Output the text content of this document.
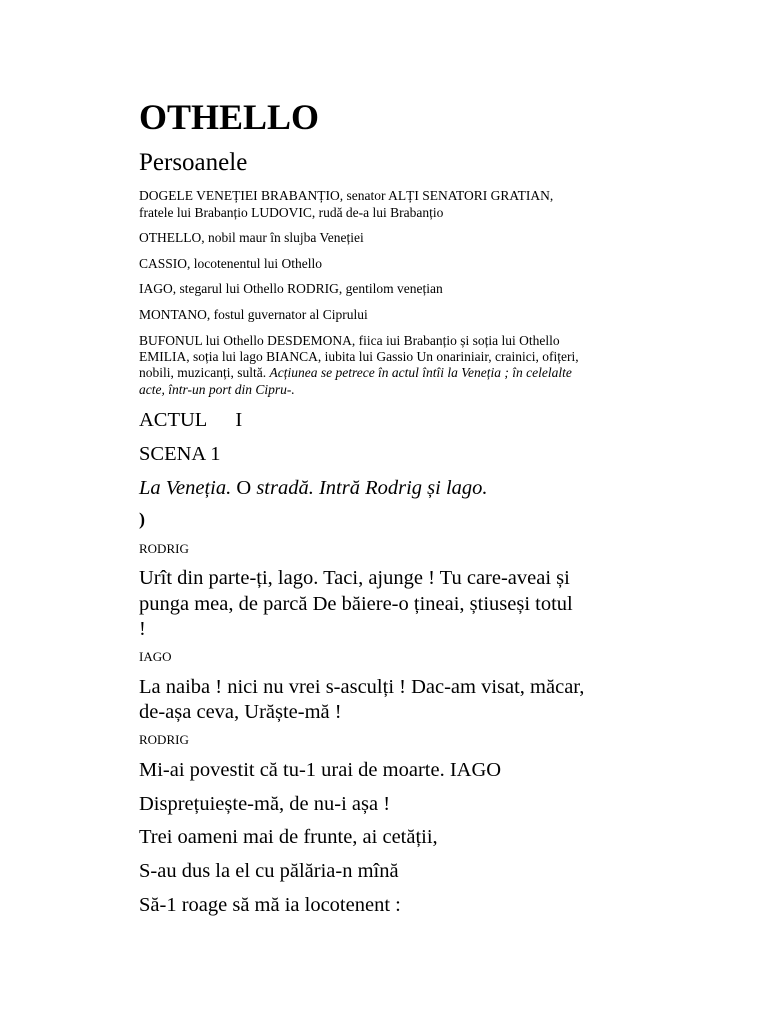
OTHELLO
Persoanele
DOGELE VENEȚIEI BRABANȚIO, senator ALȚI SENATORI GRATIAN,
fratele lui Brabanțio LUDOVIC, rudă de-a lui Brabanțio
OTHELLO, nobil maur în slujba Veneției
CASSIO, locotenentul lui Othello
IAGO, stegarul lui Othello RODRIG, gentilom venețian
MONTANO, fostul guvernator al Ciprului
BUFONUL lui Othello DESDEMONA, fiica iui Brabanțio și soția lui Othello
EMILIA, soția lui lago BIANCA, iubita lui Gassio Un onariniair, crainici, ofițeri,
nobili, muzicanți, sultă. Acțiunea se petrece în actul întîi la Veneția ; în celelalte
acte, într-un port din Cipru-.
ACTUL I
SCENA 1
La Veneția. O stradă. Intră Rodrig și lago.
)
RODRIG
Urît din parte-ți, lago. Taci, ajunge ! Tu care-aveai și
punga mea, de parcă De băiere-o țineai, știuseși totul
!
IAGO
La naiba ! nici nu vrei s-asculți ! Dac-am visat, măcar,
de-așa ceva, Urăște-mă !
RODRIG
Mi-ai povestit că tu-1 urai de moarte. IAGO
Disprețuiește-mă, de nu-i așa !
Trei oameni mai de frunte, ai cetății,
S-au dus la el cu pălăria-n mînă
Să-1 roage să mă ia locotenent :
